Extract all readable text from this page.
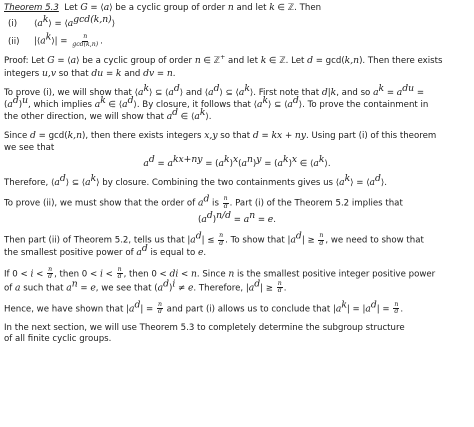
Theorem 5.3  Let G = ⟨a⟩ be a cyclic group of order n and let k ∈ ℤ. Then

(i) $⟨a^k⟩$ = $⟨a^{gcd(k,n)}⟩$

(ii) $|⟨a^k⟩| = \frac{n}{\gcd(k,n)}$ .

Proof: Let G = ⟨a⟩ be a cyclic group of order n ∈ ℤ+ and let k ∈ ℤ. Let d = gcd(k,n). Then there exists

integers u,v so that du = k and dv = n.

To prove (i), we will show that $⟨a^k⟩$ ⊆ $⟨a^d⟩$ and $⟨a^d⟩$ ⊆ $⟨a^k⟩$. First note that d|k, and so $a^k = a^{du}$ =

$(a^d)^u$, which implies $a^k$ ∈ $⟨a^d⟩$. By closure, it follows that $⟨a^k⟩$ ⊆ $⟨a^d⟩$. To prove the containment in

the other direction, we will show that $a^d$ ∈ $⟨a^k⟩$.

Since d = gcd(k,n), then there exists integers x,y so that d = kx + ny. Using part (i) of this theorem

we see that

$a^d = a^{kx+ny} = (a^k)^x(a^n)^y = (a^k)^x$ ∈ $⟨a^k⟩$.

Therefore, $⟨a^d⟩$ ⊆ $⟨a^k⟩$ by closure. Combining the two containments gives us $⟨a^k⟩$ = $⟨a^d⟩$.

To prove (ii), we must show that the order of $a^d$ is $\frac{n}{d}$ . Part (i) of the Theorem 5.2 implies that

$(a^d)^{n/d} = a^n = e$.

Then part (ii) of Theorem 5.2, tells us that $|a^d| \le \frac{n}{d}$ . To show that $|a^d| \ge \frac{n}{d}$ , we need to show that

the smallest positive power of $a^d$ is equal to e.

If $0 < i < \frac{n}{d}$ , then $0 < i < \frac{n}{d}$ , then 0 < di < n. Since n is the smallest positive integer positive power

of a such that $a^n = e$, we see that $(a^d)^i \ne e$. Therefore, $|a^d| \ge \frac{n}{d}$ .

Hence, we have shown that $|a^d| = \frac{n}{d}$ and part (i) allows us to conclude that $|a^k| = |a^d| = \frac{n}{d}$ .

In the next section, we will use Theorem 5.3 to completely determine the subgroup structure

of all finite cyclic groups.
